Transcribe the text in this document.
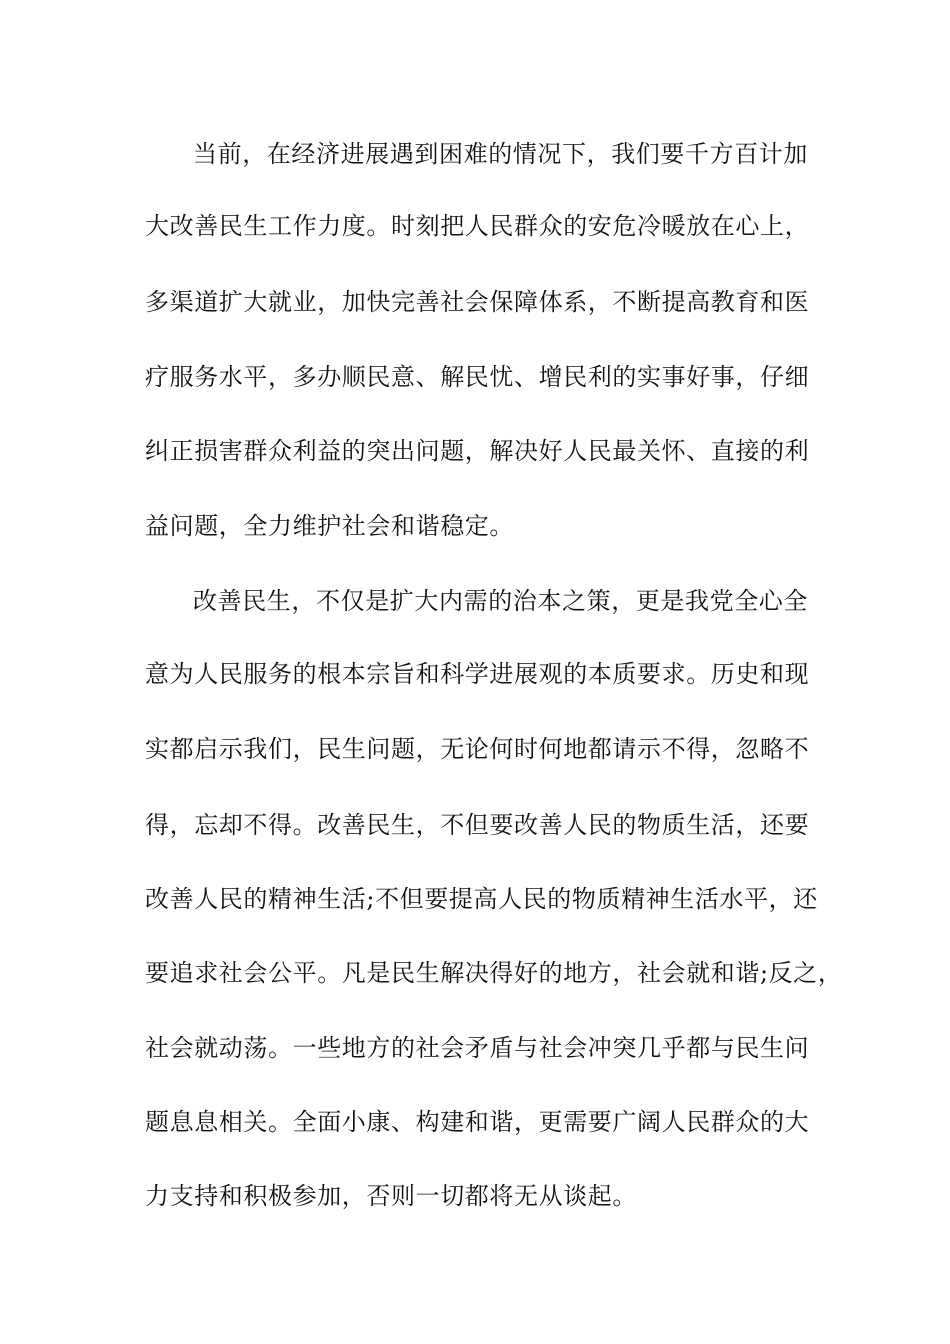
当前，在经济进展遇到困难的情况下，我们要千方百计加
大改善民生工作力度。时刻把人民群众的安危冷暖放在心上，
多渠道扩大就业，加快完善社会保障体系，不断提高教育和医
疗服务水平，多办顺民意、解民忧、增民利的实事好事，仔细
纠正损害群众利益的突出问题，解决好人民最关怀、直接的利
益问题，全力维护社会和谐稳定。
改善民生，不仅是扩大内需的治本之策，更是我党全心全
意为人民服务的根本宗旨和科学进展观的本质要求。历史和现
实都启示我们，民生问题，无论何时何地都请示不得，忽略不
得，忘却不得。改善民生，不但要改善人民的物质生活，还要
改善人民的精神生活;不但要提高人民的物质精神生活水平，还
要追求社会公平。凡是民生解决得好的地方，社会就和谐;反之，
社会就动荡。一些地方的社会矛盾与社会冲突几乎都与民生问
题息息相关。全面小康、构建和谐，更需要广阔人民群众的大
力支持和积极参加，否则一切都将无从谈起。
